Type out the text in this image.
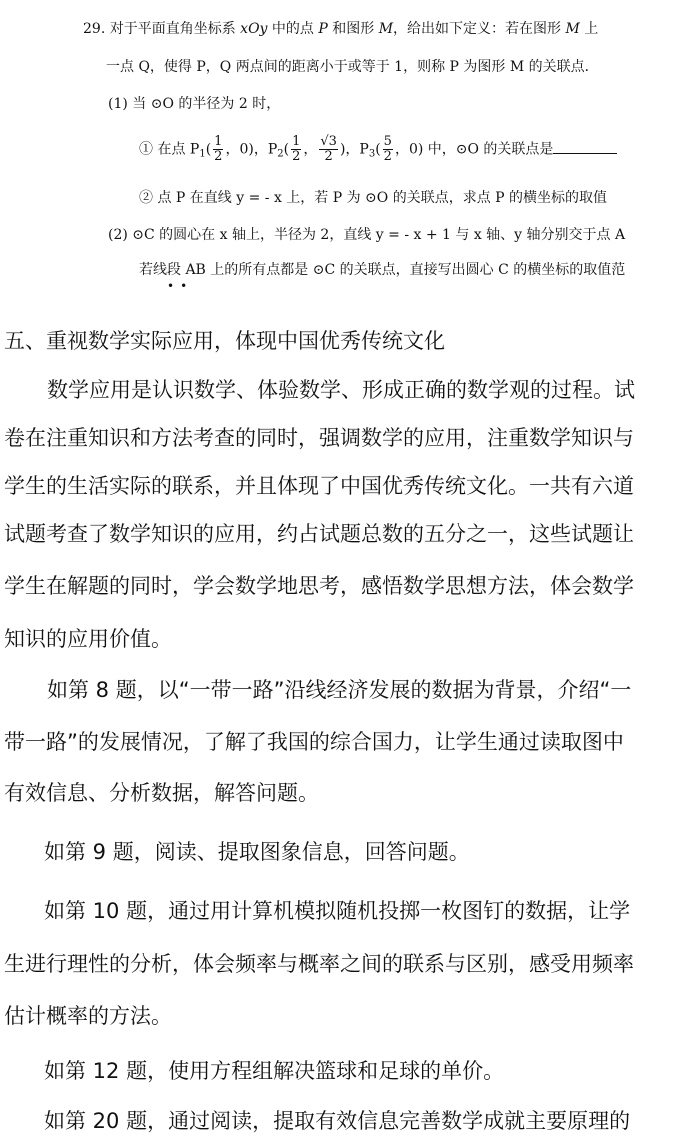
29. 对于平面直角坐标系 xOy 中的点 P 和图形 M，给出如下定义：若在图形 M 上
一点 Q，使得 P，Q 两点间的距离小于或等于 1，则称 P 为图形 M 的关联点．
(1) 当 ⊙O 的半径为 2 时，
① 在点 $P_1( \frac{1}{2}$ ，0)，$P_2( \frac{1}{2}$ ， $\frac{√3}{2}$ )，$P_3( \frac{5}{2}$ ，0) 中，⊙O 的关联点是
② 点 P 在直线 y = - x 上，若 P 为 ⊙O 的关联点，求点 P 的横坐标的取值
(2) ⊙C 的圆心在 x 轴上，半径为 2，直线 y = - x + 1 与 x 轴、y 轴分别交于点 A
若线段 AB 上的所有点都是 ⊙C 的关联点，直接写出圆心 C 的横坐标的取值范
••
五、重视数学实际应用，体现中国优秀传统文化
数学应用是认识数学、体验数学、形成正确的数学观的过程。试
卷在注重知识和方法考查的同时，强调数学的应用，注重数学知识与
学生的生活实际的联系，并且体现了中国优秀传统文化。一共有六道
试题考查了数学知识的应用，约占试题总数的五分之一，这些试题让
学生在解题的同时，学会数学地思考，感悟数学思想方法，体会数学
知识的应用价值。
如第 8 题，以“一带一路”沿线经济发展的数据为背景，介绍“一
带一路”的发展情况，了解了我国的综合国力，让学生通过读取图中
有效信息、分析数据，解答问题。
如第 9 题，阅读、提取图象信息，回答问题。
如第 10 题，通过用计算机模拟随机投掷一枚图钉的数据，让学
生进行理性的分析，体会频率与概率之间的联系与区别，感受用频率
估计概率的方法。
如第 12 题，使用方程组解决篮球和足球的单价。
如第 20 题，通过阅读，提取有效信息完善数学成就主要原理的
